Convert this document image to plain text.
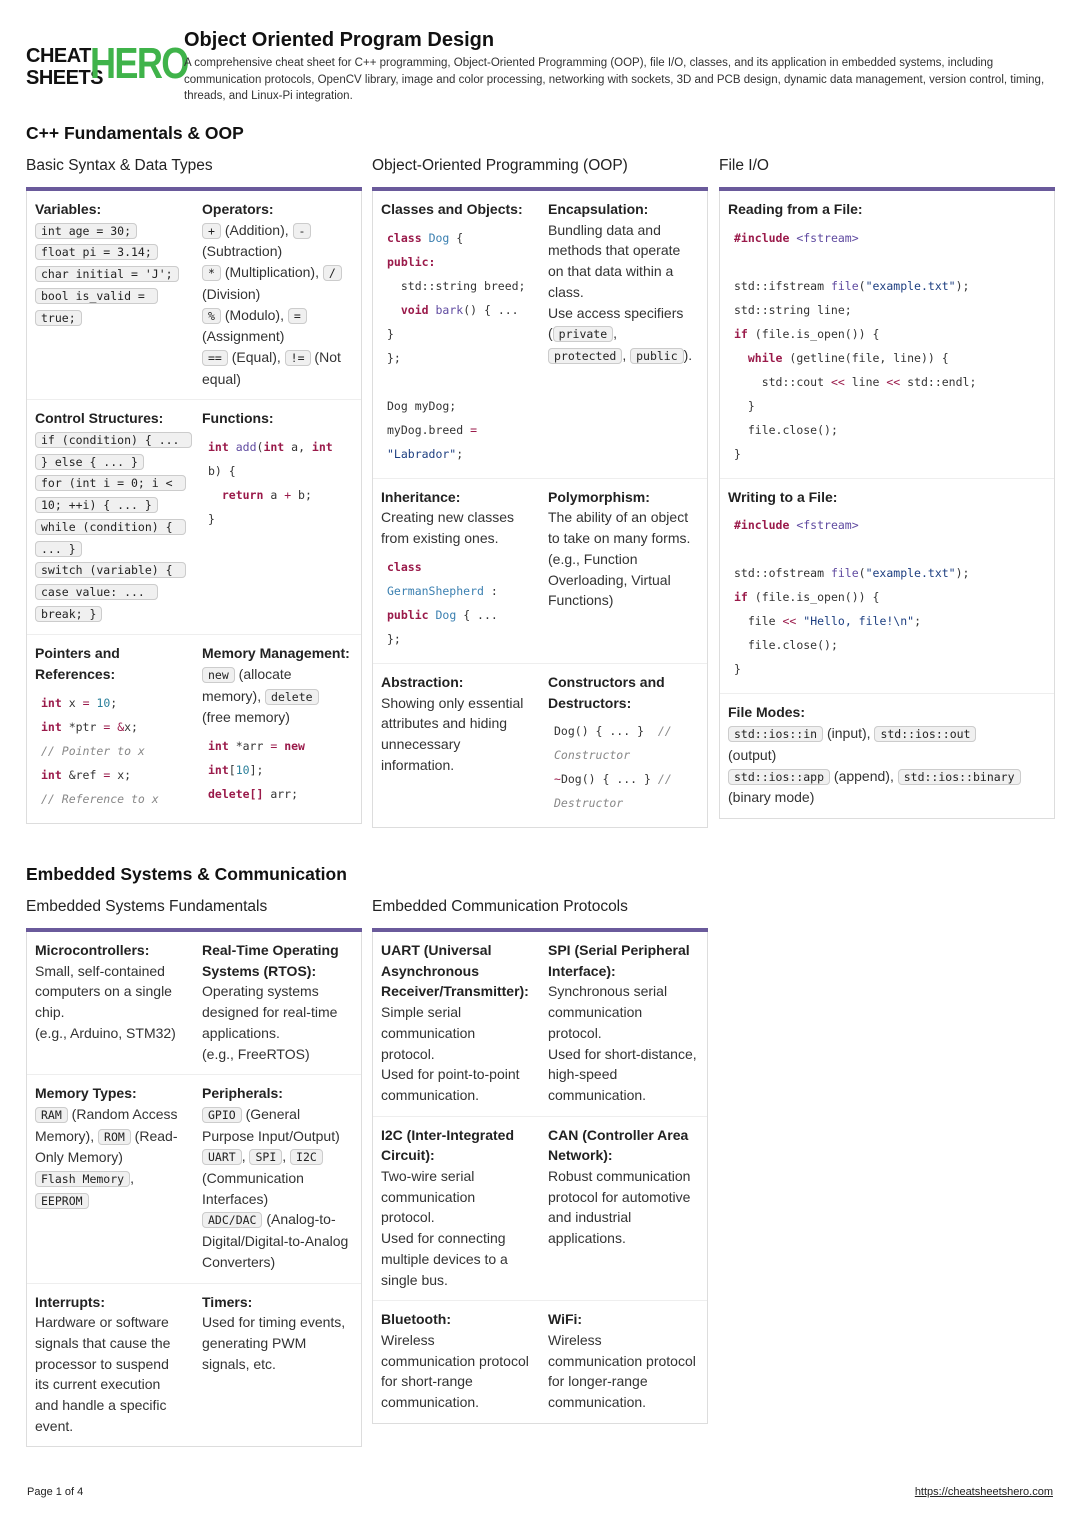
CHEAT
SHEETS
HERO
Object Oriented Program Design

A comprehensive cheat sheet for C++ programming, Object-Oriented Programming (OOP), file I/O, classes, and its application in embedded systems, including communication protocols, OpenCV library, image and color processing, networking with sockets, 3D and PCB design, dynamic data management, version control, timing, threads, and Linux-Pi integration.

C++ Fundamentals & OOP
Basic Syntax & Data Types
Variables:
int age = 30;
float pi = 3.14;
char initial = 'J';
bool is_valid = true;
Operators:
+ (Addition), -
(Subtraction)
* (Multiplication), /
(Division)
% (Modulo), =
(Assignment)
== (Equal), != (Not equal)
Control Structures:
if (condition) { ... } else { ... }
for (int i = 0; i < 10; ++i) { ... }
while (condition) { ... }
switch (variable) { case value: ... break; }
Functions:
int add(int a, int b) {
return a + b;
}
Pointers and References:
int x = 10;
int *ptr = &x;
// Pointer to x
int &ref = x;
// Reference to x
Memory Management:
new (allocate memory), delete
(free memory)
int *arr = new
int[10];
delete[] arr;
Object-Oriented Programming (OOP)
Classes and Objects:
class Dog {
public:
std::string breed;
void bark() { ... }
};

Dog myDog;
myDog.breed =
"Labrador";
Encapsulation:
Bundling data and methods that operate on that data within a class.
Use access specifiers ( private ,
protected , public ).
Inheritance:
Creating new classes from existing ones.
class
GermanShepherd :
public Dog { ...
};
Polymorphism:
The ability of an object to take on many forms. (e.g., Function Overloading, Virtual Functions)
Abstraction:
Showing only essential attributes and hiding unnecessary information.
Constructors and Destructors:
Dog() { ... } // Constructor
~Dog() { ... } // Destructor
File I/O
Reading from a File:
#include <fstream>

std::ifstream file("example.txt");
std::string line;
if (file.is_open()) {
while (getline(file, line)) {
std::cout << line << std::endl;
}
file.close();
}
Writing to a File:
#include <fstream>

std::ofstream file("example.txt");
if (file.is_open()) {
file << "Hello, file!\n";
file.close();
}
File Modes:
std::ios::in (input), std::ios::out
(output)
std::ios::app (append), std::ios::binary
(binary mode)
Embedded Systems & Communication
Embedded Systems Fundamentals
Microcontrollers:
Small, self-contained computers on a single chip.
(e.g., Arduino, STM32)
Real-Time Operating Systems (RTOS):
Operating systems designed for real-time applications.
(e.g., FreeRTOS)
Memory Types:
RAM (Random Access Memory), ROM (Read-Only Memory)
Flash Memory , EEPROM
Peripherals:
GPIO (General Purpose Input/Output)
UART , SPI , I2C
(Communication Interfaces)
ADC/DAC (Analog-to-Digital/Digital-to-Analog Converters)
Interrupts:
Hardware or software signals that cause the processor to suspend its current execution and handle a specific event.
Timers:
Used for timing events, generating PWM signals, etc.
Embedded Communication Protocols
UART (Universal Asynchronous Receiver/Transmitter):
Simple serial communication protocol.
Used for point-to-point communication.
SPI (Serial Peripheral Interface):
Synchronous serial communication protocol.
Used for short-distance, high-speed communication.
I2C (Inter-Integrated Circuit):
Two-wire serial communication protocol.
Used for connecting multiple devices to a single bus.
CAN (Controller Area Network):
Robust communication protocol for automotive and industrial applications.
Bluetooth:
Wireless communication protocol for short-range communication.
WiFi:
Wireless communication protocol for longer-range communication.
Page 1 of 4	https://cheatsheetshero.com
